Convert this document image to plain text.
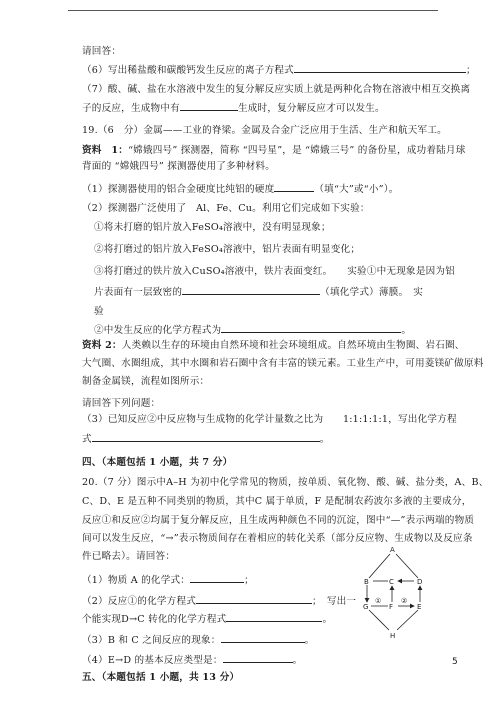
请回答：
（6）写出稀盐酸和碳酸钙发生反应的离子方程式	；
（7）酸、碱、盐在水溶液中发生的复分解反应实质上就是两种化合物在溶液中相互交换离
子的反应，生成物中有	生成时，复分解反应才可以发生。
19.（6　分）金属——工业的脊梁。金属及合金广泛应用于生活、生产和航天军工。
资料　1：“嫦娥四号” 探测器，简称 “四号星”，是 “嫦娥三号” 的备份星，成功着陆月球
背面的 “嫦娥四号” 探测器使用了多种材料。
（1）探测器使用的铝合金硬度比纯铝的硬度	（填“大”或“小”）。
（2）探测器广泛使用了　Al、Fe、Cu。利用它们完成如下实验：
①将未打磨的铝片放入FeSO₄溶液中，没有明显现象；
②将打磨过的铝片放入FeSO₄溶液中，铝片表面有明显变化；
③将打磨过的铁片放入CuSO₄溶液中，铁片表面变红。　　实验①中无现象是因为铝
片表面有一层致密的	（填化学式）薄膜。　实
验
②中发生反应的化学方程式为	。
资料 2：人类赖以生存的环境由自然环境和社会环境组成。自然环境由生物圈、岩石圈、
大气圈、水圈组成，其中水圈和岩石圈中含有丰富的镁元素。工业生产中，可用菱镁矿做原料
制备金属镁，流程如图所示：
请回答下列问题：
（3）已知反应②中反应物与生成物的化学计量数之比为　　1:1:1:1:1，写出化学方程
式	。
四、（本题包括 1 小题，共 7 分）
20.（7 分）图示中A–H 为初中化学常见的物质，按单质、氧化物、酸、碱、盐分类，A、B、
C、D、E 是五种不同类别的物质，其中C 属于单质，F 是配制农药波尔多液的主要成分，
反应①和反应②均属于复分解反应，且生成两种颜色不同的沉淀，图中“—”表示两端的物质
间可以发生反应，“→”表示物质间存在着相应的转化关系（部分反应物、生成物以及反应条
件已略去）。请回答：
（1）物质 A 的化学式：	；
（2）反应①的化学方程式	；　写出一
个能实现D→C 转化的化学方程式	。
（3）B 和 C 之间反应的现象：	。
（4）E→D 的基本反应类型是：	。
五、（本题包括 1 小题，共 13 分）
A
B	C	D
G	F	E
H
①	②
5
